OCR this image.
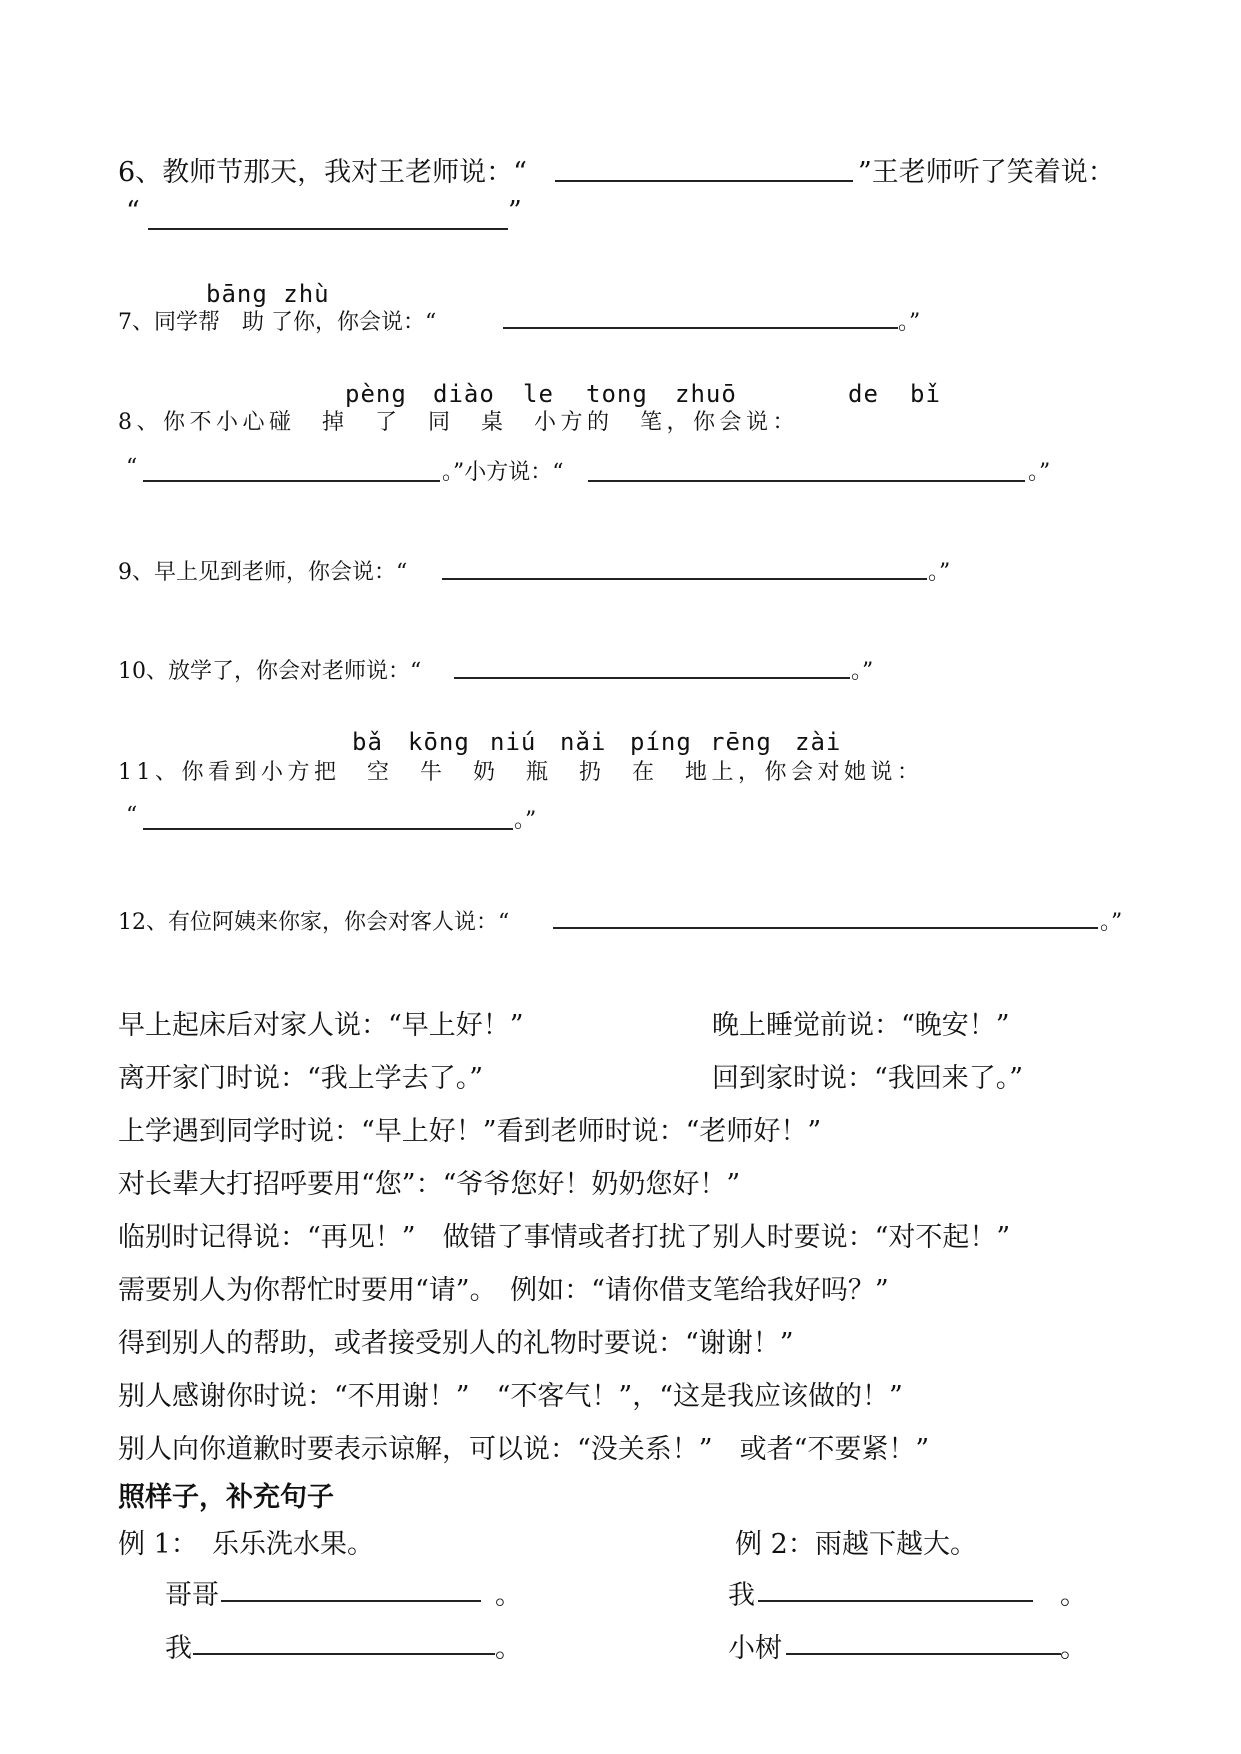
6、教师节那天，我对王老师说：“	”王老师听了笑着说：
“	”
bāng zhù
7、同学帮　助 了你，你会说：“	。”
pèng diào le tong zhuō	de bǐ
8、你不小心碰　掉　了　同　桌　小方的　笔，你会说：
“	。”小方说：“	。”
9、早上见到老师，你会说：“	。”
10、放学了，你会对老师说：“	。”
bǎ kōng niú nǎi píng rēng zài
11、你看到小方把　空　牛　奶　瓶　扔　在　地上，你会对她说：
“	。”
12、有位阿姨来你家，你会对客人说：“	。”
早上起床后对家人说：“早上好！”	晚上睡觉前说：“晚安！”
离开家门时说：“我上学去了。”	回到家时说：“我回来了。”
上学遇到同学时说：“早上好！”看到老师时说：“老师好！”
对长辈大打招呼要用“您”：“爷爷您好！奶奶您好！”
临别时记得说：“再见！”　做错了事情或者打扰了别人时要说：“对不起！”
需要别人为你帮忙时要用“请”。　例如：“请你借支笔给我好吗？”
得到别人的帮助，或者接受别人的礼物时要说：“谢谢！”
别人感谢你时说：“不用谢！”　“不客气！”，“这是我应该做的！”
别人向你道歉时要表示谅解，可以说：“没关系！”　或者“不要紧！”
照样子，补充句子
例 1： 乐乐洗水果。	例 2： 雨越下越大。
哥哥	。	我	。
我	。	小树	。
